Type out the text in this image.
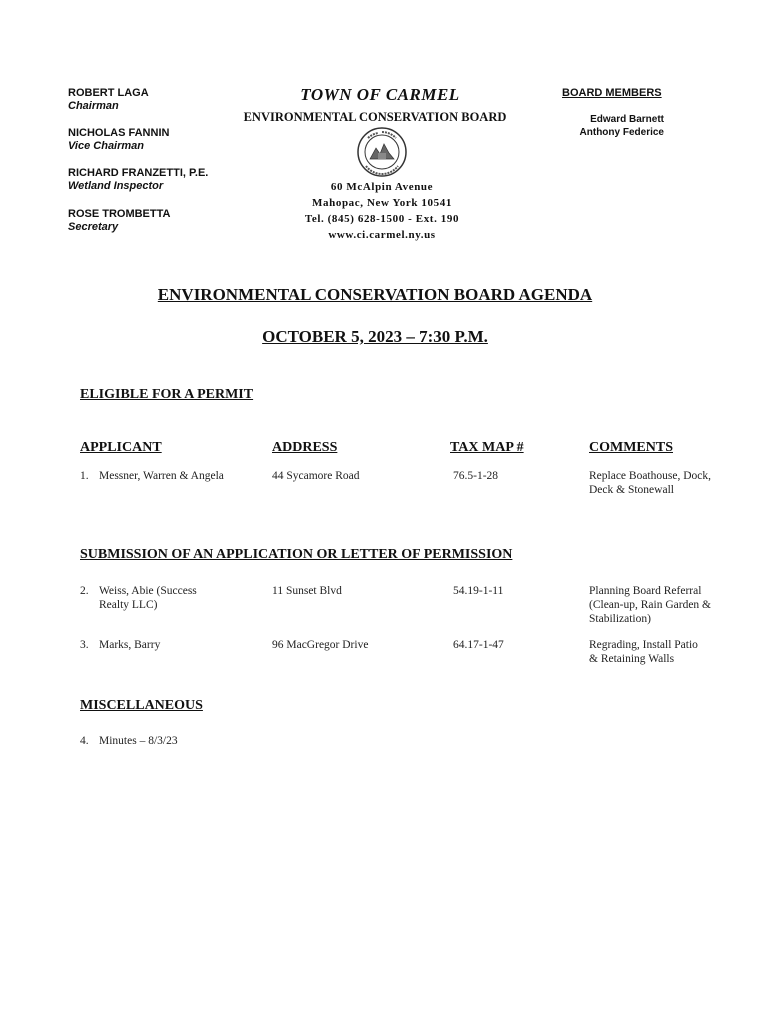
ROBERT LAGA
Chairman
NICHOLAS FANNIN
Vice Chairman
RICHARD FRANZETTI, P.E.
Wetland Inspector
ROSE TROMBETTA
Secretary
TOWN OF CARMEL
ENVIRONMENTAL CONSERVATION BOARD
60 McAlpin Avenue
Mahopac, New York 10541
Tel. (845) 628-1500 - Ext. 190
www.ci.carmel.ny.us
BOARD MEMBERS
Edward Barnett
Anthony Federice
ENVIRONMENTAL CONSERVATION BOARD AGENDA
OCTOBER 5, 2023 – 7:30 P.M.
ELIGIBLE FOR A PERMIT
APPLICANT	ADDRESS	TAX MAP #	COMMENTS
1. Messner, Warren & Angela	44 Sycamore Road	76.5-1-28	Replace Boathouse, Dock,
Deck & Stonewall
SUBMISSION OF AN APPLICATION OR LETTER OF PERMISSION
2. Weiss, Abie (Success
Realty LLC)
11 Sunset Blvd	54.19-1-11	Planning Board Referral
(Clean-up, Rain Garden &
Stabilization)
3. Marks, Barry	96 MacGregor Drive	64.17-1-47	Regrading, Install Patio
& Retaining Walls
MISCELLANEOUS
4. Minutes – 8/3/23
